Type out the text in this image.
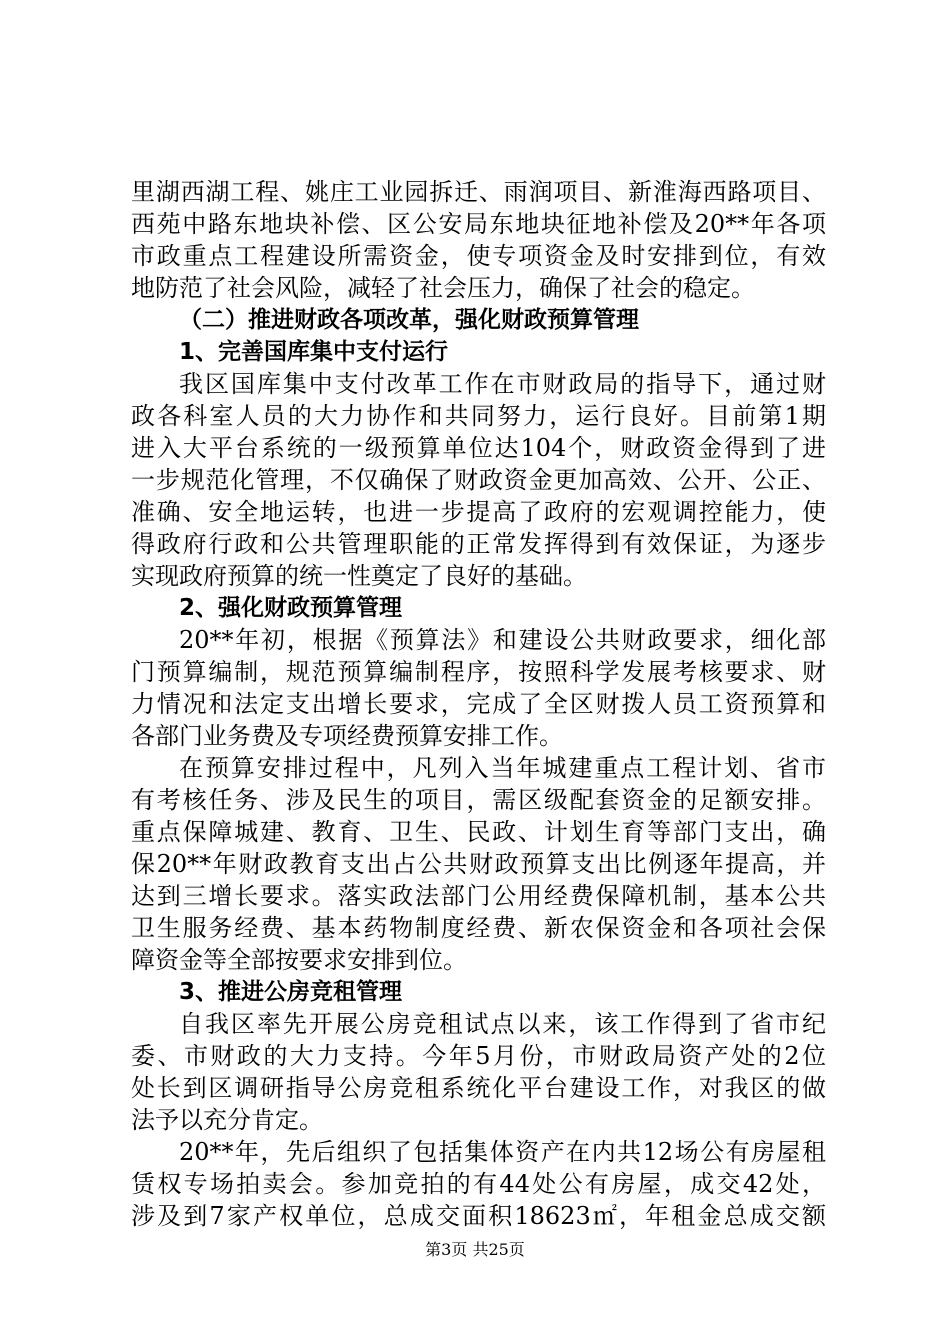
里湖西湖工程、姚庄工业园拆迁、雨润项目、新淮海西路项目、
西苑中路东地块补偿、区公安局东地块征地补偿及20**年各项
市政重点工程建设所需资金，使专项资金及时安排到位，有效
地防范了社会风险，减轻了社会压力，确保了社会的稳定。
（二）推进财政各项改革，强化财政预算管理
1、完善国库集中支付运行
我区国库集中支付改革工作在市财政局的指导下，通过财
政各科室人员的大力协作和共同努力，运行良好。目前第1期
进入大平台系统的一级预算单位达104个，财政资金得到了进
一步规范化管理，不仅确保了财政资金更加高效、公开、公正、
准确、安全地运转，也进一步提高了政府的宏观调控能力，使
得政府行政和公共管理职能的正常发挥得到有效保证，为逐步
实现政府预算的统一性奠定了良好的基础。
2、强化财政预算管理
20**年初，根据《预算法》和建设公共财政要求，细化部
门预算编制，规范预算编制程序，按照科学发展考核要求、财
力情况和法定支出增长要求，完成了全区财拨人员工资预算和
各部门业务费及专项经费预算安排工作。
在预算安排过程中，凡列入当年城建重点工程计划、省市
有考核任务、涉及民生的项目，需区级配套资金的足额安排。
重点保障城建、教育、卫生、民政、计划生育等部门支出，确
保20**年财政教育支出占公共财政预算支出比例逐年提高，并
达到三增长要求。落实政法部门公用经费保障机制，基本公共
卫生服务经费、基本药物制度经费、新农保资金和各项社会保
障资金等全部按要求安排到位。
3、推进公房竞租管理
自我区率先开展公房竞租试点以来，该工作得到了省市纪
委、市财政的大力支持。今年5月份，市财政局资产处的2位
处长到区调研指导公房竞租系统化平台建设工作，对我区的做
法予以充分肯定。
20**年，先后组织了包括集体资产在内共12场公有房屋租
赁权专场拍卖会。参加竞拍的有44处公有房屋，成交42处，
涉及到7家产权单位，总成交面积18623㎡，年租金总成交额
第3页 共25页
